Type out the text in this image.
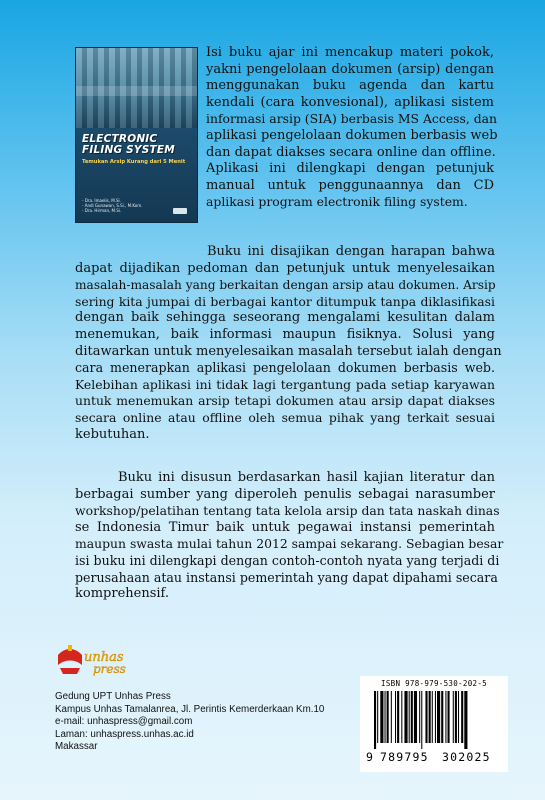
ELECTRONIC
FILING SYSTEM
Temukan Arsip Kurang dari 5 Menit
- Dra. Imaelis, M.Si.
- Andi Gunawan, S.Si., M.Kom.
- Dra. Hirman, M.Si.
Isi buku ajar ini mencakup materi pokok,
yakni pengelolaan dokumen (arsip) dengan
menggunakan buku agenda dan kartu
kendali (cara konvesional), aplikasi sistem
informasi arsip (SIA) berbasis MS Access, dan
aplikasi pengelolaan dokumen berbasis web
dan dapat diakses secara online dan offline.
Aplikasi ini dilengkapi dengan petunjuk
manual untuk penggunaannya dan CD
aplikasi program electronik filing system.
Buku ini disajikan dengan harapan bahwa
dapat dijadikan pedoman dan petunjuk untuk menyelesaikan
masalah-masalah yang berkaitan dengan arsip atau dokumen. Arsip
sering kita jumpai di berbagai kantor ditumpuk tanpa diklasifikasi
dengan baik sehingga seseorang mengalami kesulitan dalam
menemukan, baik informasi maupun fisiknya. Solusi yang
ditawarkan untuk menyelesaikan masalah tersebut ialah dengan
cara menerapkan aplikasi pengelolaan dokumen berbasis web.
Kelebihan aplikasi ini tidak lagi tergantung pada setiap karyawan
untuk menemukan arsip tetapi dokumen atau arsip dapat diakses
secara online atau offline oleh semua pihak yang terkait sesuai
kebutuhan.
Buku ini disusun berdasarkan hasil kajian literatur dan
berbagai sumber yang diperoleh penulis sebagai narasumber
workshop/pelatihan tentang tata kelola arsip dan tata naskah dinas
se Indonesia Timur baik untuk pegawai instansi pemerintah
maupun swasta mulai tahun 2012 sampai sekarang. Sebagian besar
isi buku ini dilengkapi dengan contoh-contoh nyata yang terjadi di
perusahaan atau instansi pemerintah yang dapat dipahami secara
komprehensif.
unhas
press
Gedung UPT Unhas Press
Kampus Unhas Tamalanrea, Jl. Perintis Kemerderkaan Km.10
e-mail: unhaspress@gmail.com
Laman: unhaspress.unhas.ac.id
Makassar
ISBN 978-979-530-202-5
9 789795 302025
